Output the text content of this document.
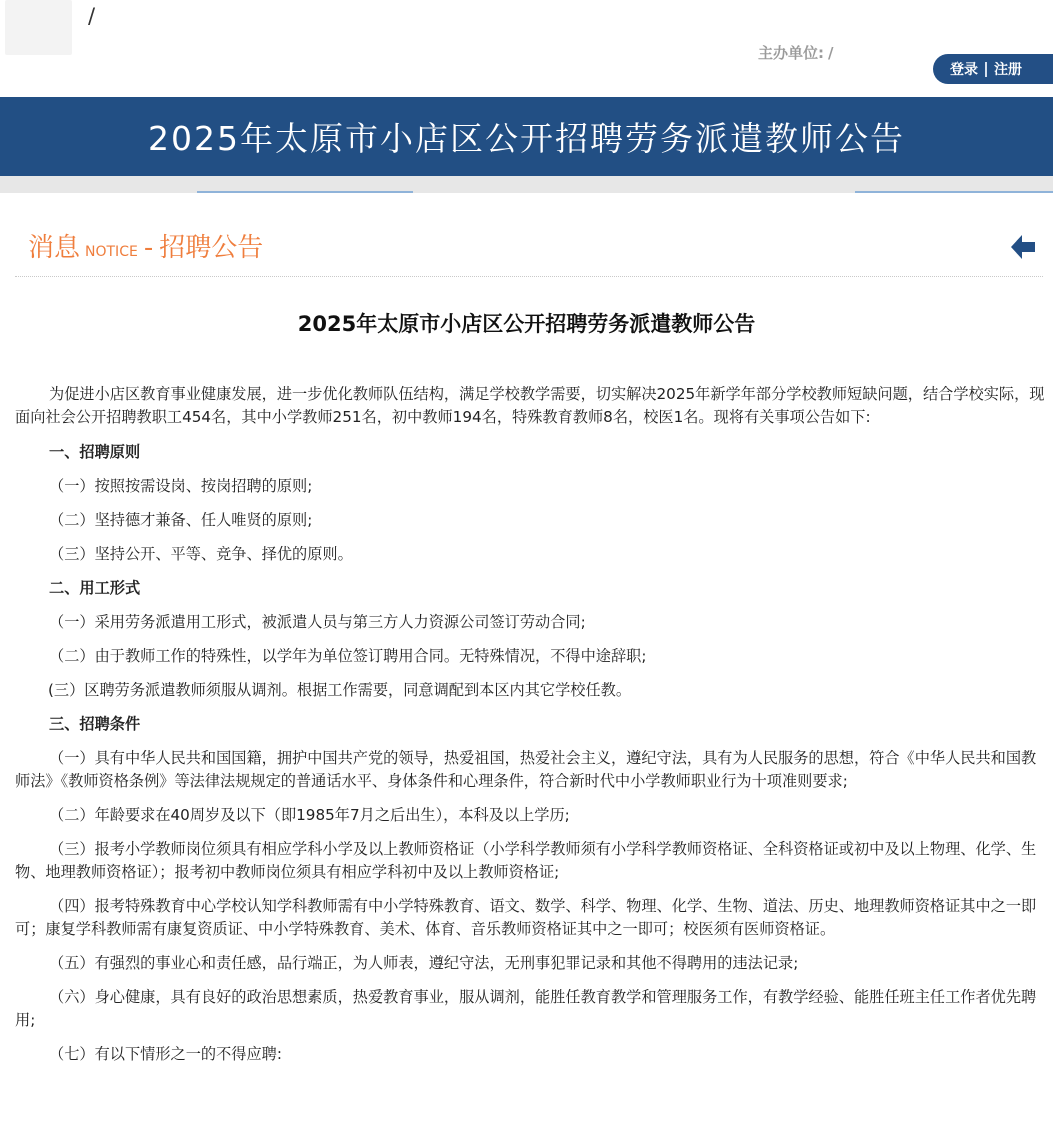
/
主办单位: /
登录 注册
2025年太原市小店区公开招聘劳务派遣教师公告
消息 NOTICE - 招聘公告
2025年太原市小店区公开招聘劳务派遣教师公告

为促进小店区教育事业健康发展，进一步优化教师队伍结构，满足学校教学需要，切实解决2025年新学年部分学校教师短缺问题，结合学校实际，现面向社会公开招聘教职工454名，其中小学教师251名，初中教师194名，特殊教育教师8名，校医1名。现将有关事项公告如下:

一、招聘原则

（一）按照按需设岗、按岗招聘的原则;

（二）坚持德才兼备、任人唯贤的原则;

（三）坚持公开、平等、竞争、择优的原则。

二、用工形式

（一）采用劳务派遣用工形式，被派遣人员与第三方人力资源公司签订劳动合同;

（二）由于教师工作的特殊性，以学年为单位签订聘用合同。无特殊情况，不得中途辞职;

(三）区聘劳务派遣教师须服从调剂。根据工作需要，同意调配到本区内其它学校任教。

三、招聘条件

（一）具有中华人民共和国国籍，拥护中国共产党的领导，热爱祖国，热爱社会主义，遵纪守法，具有为人民服务的思想，符合《中华人民共和国教师法》《教师资格条例》等法律法规规定的普通话水平、身体条件和心理条件，符合新时代中小学教师职业行为十项准则要求;

（二）年龄要求在40周岁及以下（即1985年7月之后出生），本科及以上学历;

（三）报考小学教师岗位须具有相应学科小学及以上教师资格证（小学科学教师须有小学科学教师资格证、全科资格证或初中及以上物理、化学、生物、地理教师资格证）；报考初中教师岗位须具有相应学科初中及以上教师资格证;

（四）报考特殊教育中心学校认知学科教师需有中小学特殊教育、语文、数学、科学、物理、化学、生物、道法、历史、地理教师资格证其中之一即可；康复学科教师需有康复资质证、中小学特殊教育、美术、体育、音乐教师资格证其中之一即可；校医须有医师资格证。

（五）有强烈的事业心和责任感，品行端正，为人师表，遵纪守法，无刑事犯罪记录和其他不得聘用的违法记录;

（六）身心健康，具有良好的政治思想素质，热爱教育事业，服从调剂，能胜任教育教学和管理服务工作，有教学经验、能胜任班主任工作者优先聘用;

（七）有以下情形之一的不得应聘:
